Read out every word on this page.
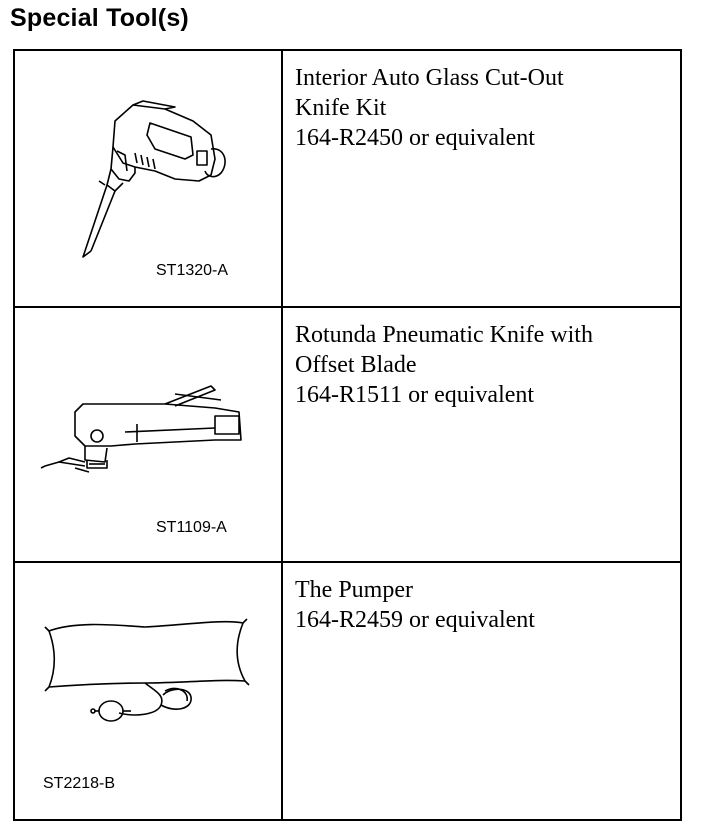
Special Tool(s)
ST1320-A
Interior Auto Glass Cut-Out
Knife Kit
164-R2450 or equivalent
ST1109-A
Rotunda Pneumatic Knife with
Offset Blade
164-R1511 or equivalent
ST2218-B
The Pumper
164-R2459 or equivalent
